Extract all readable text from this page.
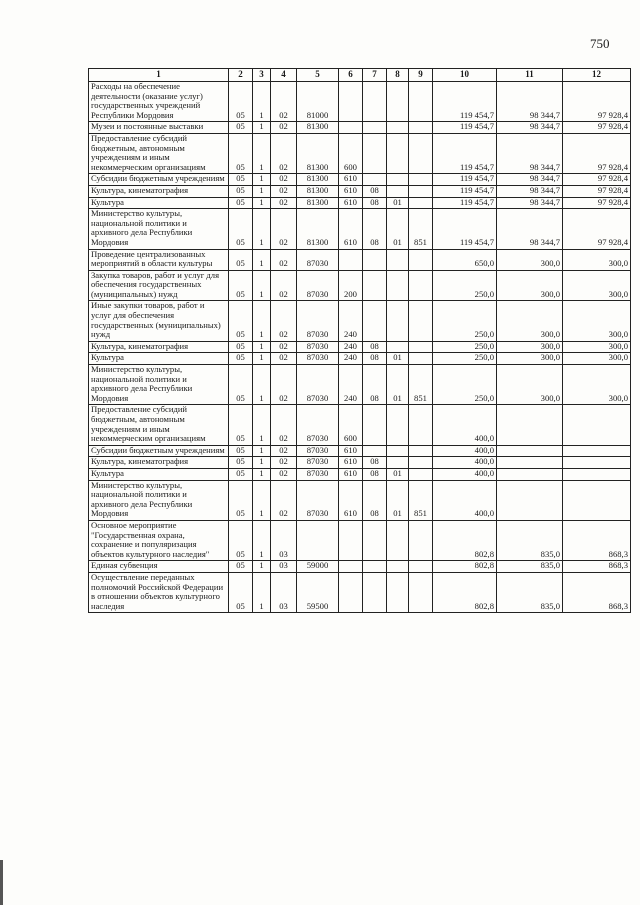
750
1	2	3	4	5	6	7	8	9	10	11	12
Расходы на обеспечение деятельности (оказание услуг) государственных учреждений Республики Мордовия	05	1	02	81000					119 454,7	98 344,7	97 928,4
Музеи и постоянные выставки	05	1	02	81300					119 454,7	98 344,7	97 928,4
Предоставление субсидий бюджетным, автономным учреждениям и иным некоммерческим организациям	05	1	02	81300	600				119 454,7	98 344,7	97 928,4
Субсидии бюджетным учреждениям	05	1	02	81300	610				119 454,7	98 344,7	97 928,4
Культура, кинематография	05	1	02	81300	610	08			119 454,7	98 344,7	97 928,4
Культура	05	1	02	81300	610	08	01		119 454,7	98 344,7	97 928,4
Министерство культуры, национальной политики и архивного дела Республики Мордовия	05	1	02	81300	610	08	01	851	119 454,7	98 344,7	97 928,4
Проведение централизованных мероприятий в области культуры	05	1	02	87030					650,0	300,0	300,0
Закупка товаров, работ и услуг для обеспечения государственных (муниципальных) нужд	05	1	02	87030	200				250,0	300,0	300,0
Иные закупки товаров, работ и услуг для обеспечения государственных (муниципальных) нужд	05	1	02	87030	240				250,0	300,0	300,0
Культура, кинематография	05	1	02	87030	240	08			250,0	300,0	300,0
Культура	05	1	02	87030	240	08	01		250,0	300,0	300,0
Министерство культуры, национальной политики и архивного дела Республики Мордовия	05	1	02	87030	240	08	01	851	250,0	300,0	300,0
Предоставление субсидий бюджетным, автономным учреждениям и иным некоммерческим организациям	05	1	02	87030	600				400,0		
Субсидии бюджетным учреждениям	05	1	02	87030	610				400,0		
Культура, кинематография	05	1	02	87030	610	08			400,0		
Культура	05	1	02	87030	610	08	01		400,0		
Министерство культуры, национальной политики и архивного дела Республики Мордовия	05	1	02	87030	610	08	01	851	400,0		
Основное мероприятие "Государственная охрана, сохранение и популяризация объектов культурного наследия"	05	1	03						802,8	835,0	868,3
Единая субвенция	05	1	03	59000					802,8	835,0	868,3
Осуществление переданных полномочий Российской Федерации в отношении объектов культурного наследия	05	1	03	59500					802,8	835,0	868,3
